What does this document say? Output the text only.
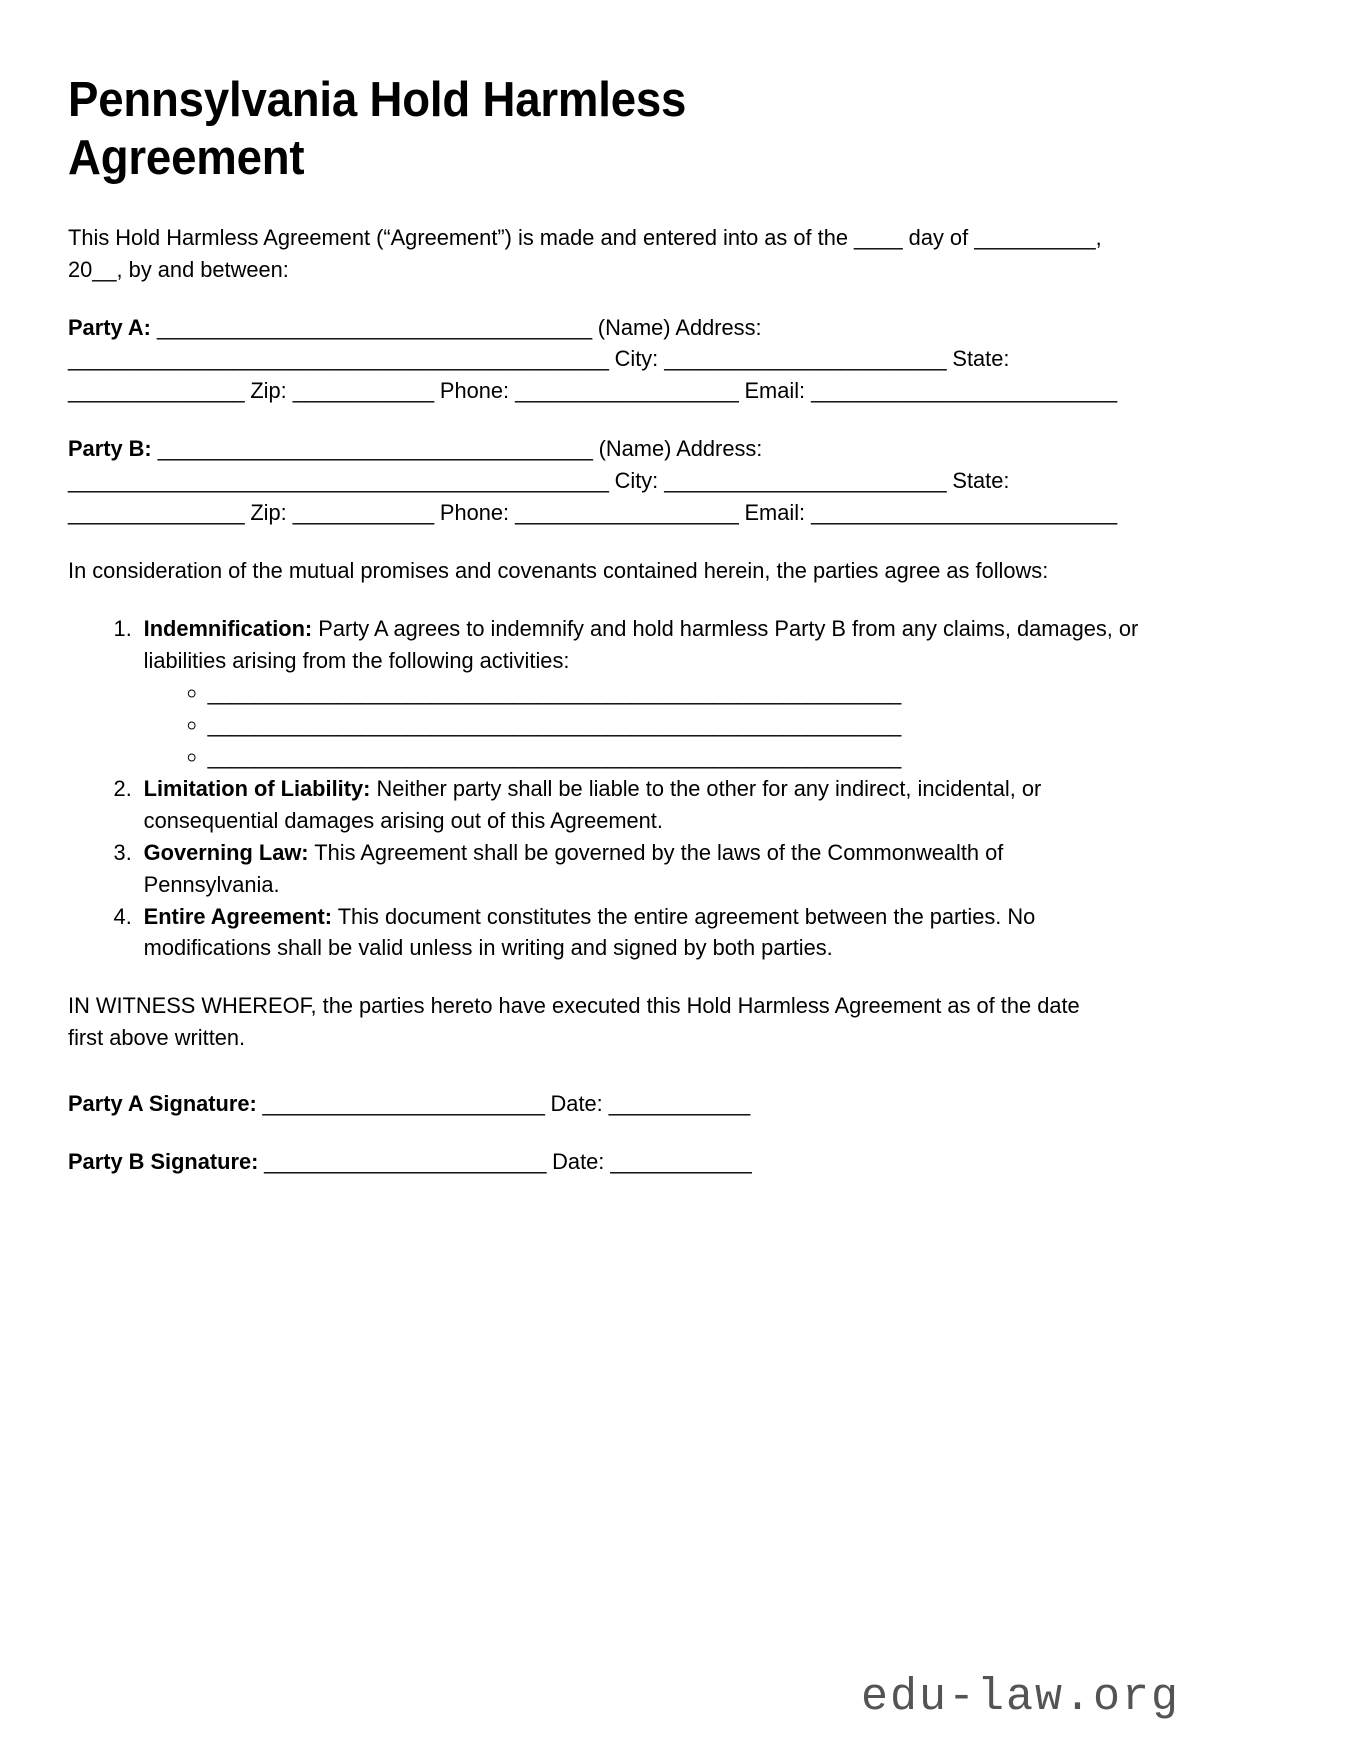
Pennsylvania Hold Harmless Agreement

This Hold Harmless Agreement (“Agreement”) is made and entered into as of the ____ day of __________, 20__, by and between:

Party A: _____________________________________ (Name) Address: ______________________________________________ City: ________________________ State: _______________ Zip: ____________ Phone: ___________________ Email: __________________________
Party B: _____________________________________ (Name) Address: ______________________________________________ City: ________________________ State: _______________ Zip: ____________ Phone: ___________________ Email: __________________________

In consideration of the mutual promises and covenants contained herein, the parties agree as follows:

1. Indemnification: Party A agrees to indemnify and hold harmless Party B from any claims, damages, or liabilities arising from the following activities:
◦ ___________________________________________________________
◦ ___________________________________________________________
◦ ___________________________________________________________
2. Limitation of Liability: Neither party shall be liable to the other for any indirect, incidental, or consequential damages arising out of this Agreement.
3. Governing Law: This Agreement shall be governed by the laws of the Commonwealth of Pennsylvania.
4. Entire Agreement: This document constitutes the entire agreement between the parties. No modifications shall be valid unless in writing and signed by both parties.

IN WITNESS WHEREOF, the parties hereto have executed this Hold Harmless Agreement as of the date first above written.

Party A Signature: ________________________ Date: ____________
Party B Signature: ________________________ Date: ____________
edu-law.org
